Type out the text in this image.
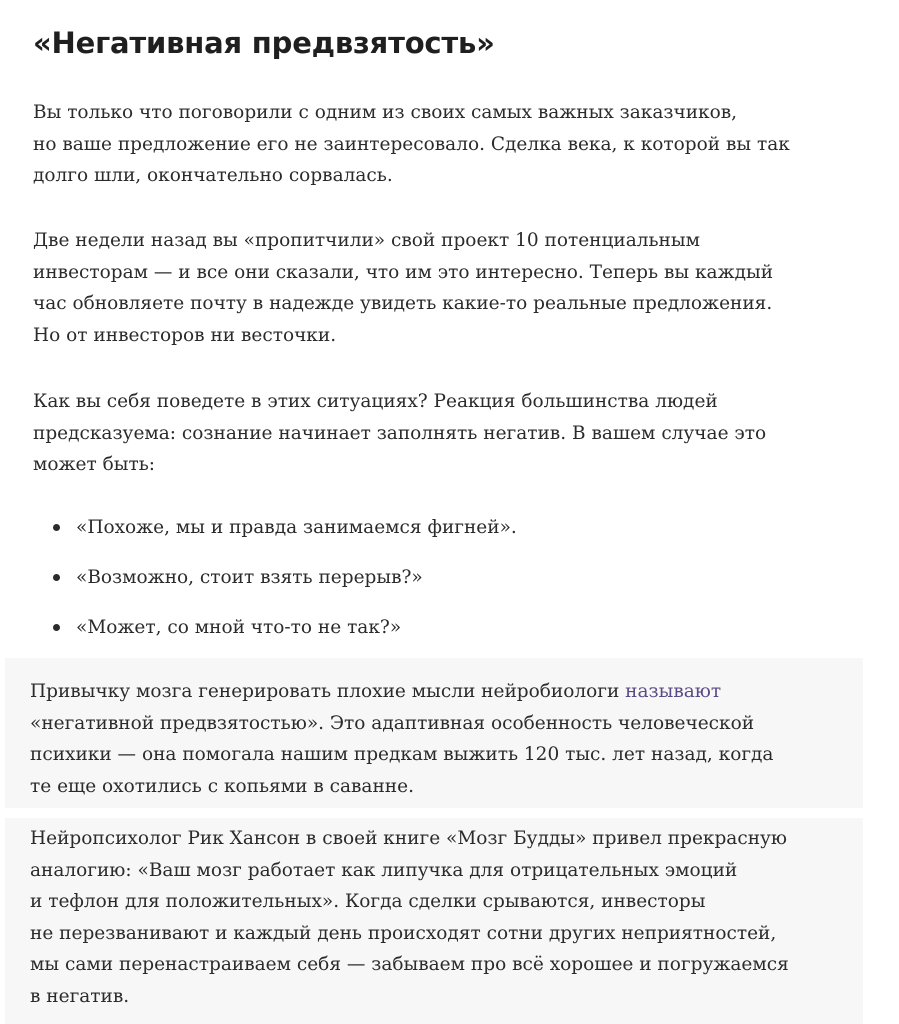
«Негативная предвзятость»

Вы только что поговорили с одним из своих самых важных заказчиков,
но ваше предложение его не заинтересовало. Сделка века, к которой вы так
долго шли, окончательно сорвалась.

Две недели назад вы «пропитчили» свой проект 10 потенциальным
инвесторам — и все они сказали, что им это интересно. Теперь вы каждый
час обновляете почту в надежде увидеть какие-то реальные предложения.
Но от инвесторов ни весточки.

Как вы себя поведете в этих ситуациях? Реакция большинства людей
предсказуема: сознание начинает заполнять негатив. В вашем случае это
может быть:

«Похоже, мы и правда занимаемся фигней».
«Возможно, стоит взять перерыв?»
«Может, со мной что-то не так?»

Привычку мозга генерировать плохие мысли нейробиологи называют
«негативной предвзятостью». Это адаптивная особенность человеческой
психики — она помогала нашим предкам выжить 120 тыс. лет назад, когда
те еще охотились с копьями в саванне.

Нейропсихолог Рик Хансон в своей книге «Мозг Будды» привел прекрасную
аналогию: «Ваш мозг работает как липучка для отрицательных эмоций
и тефлон для положительных». Когда сделки срываются, инвесторы
не перезванивают и каждый день происходят сотни других неприятностей,
мы сами перенастраиваем себя — забываем про всё хорошее и погружаемся
в негатив.
